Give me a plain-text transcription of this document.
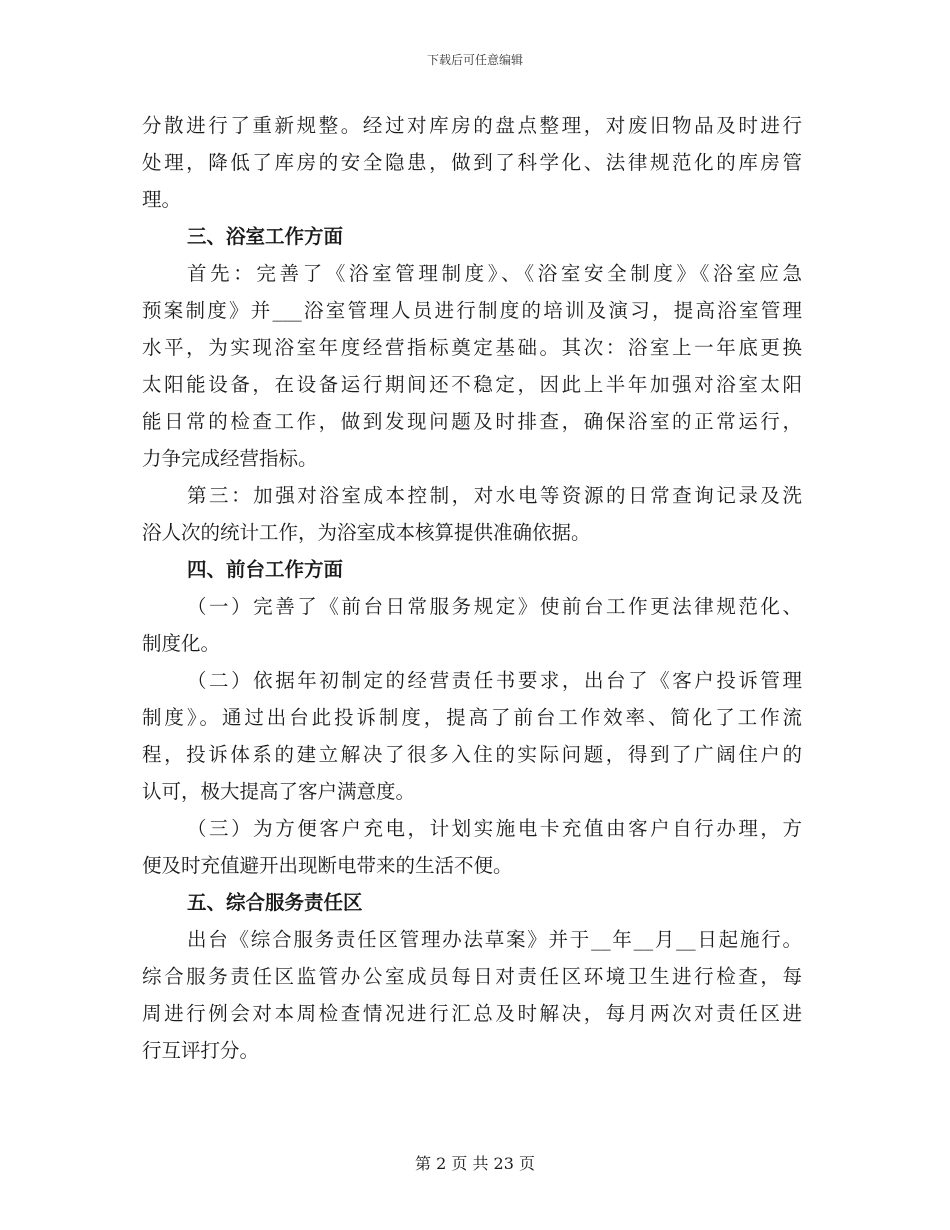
下载后可任意编辑
分散进行了重新规整。经过对库房的盘点整理，对废旧物品及时进行
处理，降低了库房的安全隐患，做到了科学化、法律规范化的库房管
理。
三、浴室工作方面
首先：完善了《浴室管理制度》、《浴室安全制度》《浴室应急
预案制度》并___浴室管理人员进行制度的培训及演习，提高浴室管理
水平，为实现浴室年度经营指标奠定基础。其次：浴室上一年底更换
太阳能设备，在设备运行期间还不稳定，因此上半年加强对浴室太阳
能日常的检查工作，做到发现问题及时排查，确保浴室的正常运行，
力争完成经营指标。
第三：加强对浴室成本控制，对水电等资源的日常查询记录及洗
浴人次的统计工作，为浴室成本核算提供准确依据。
四、前台工作方面
（一）完善了《前台日常服务规定》使前台工作更法律规范化、
制度化。
（二）依据年初制定的经营责任书要求，出台了《客户投诉管理
制度》。通过出台此投诉制度，提高了前台工作效率、简化了工作流
程，投诉体系的建立解决了很多入住的实际问题，得到了广阔住户的
认可，极大提高了客户满意度。
（三）为方便客户充电，计划实施电卡充值由客户自行办理，方
便及时充值避开出现断电带来的生活不便。
五、综合服务责任区
出台《综合服务责任区管理办法草案》并于__年__月__日起施行。
综合服务责任区监管办公室成员每日对责任区环境卫生进行检查，每
周进行例会对本周检查情况进行汇总及时解决，每月两次对责任区进
行互评打分。
第 2 页 共 23 页
